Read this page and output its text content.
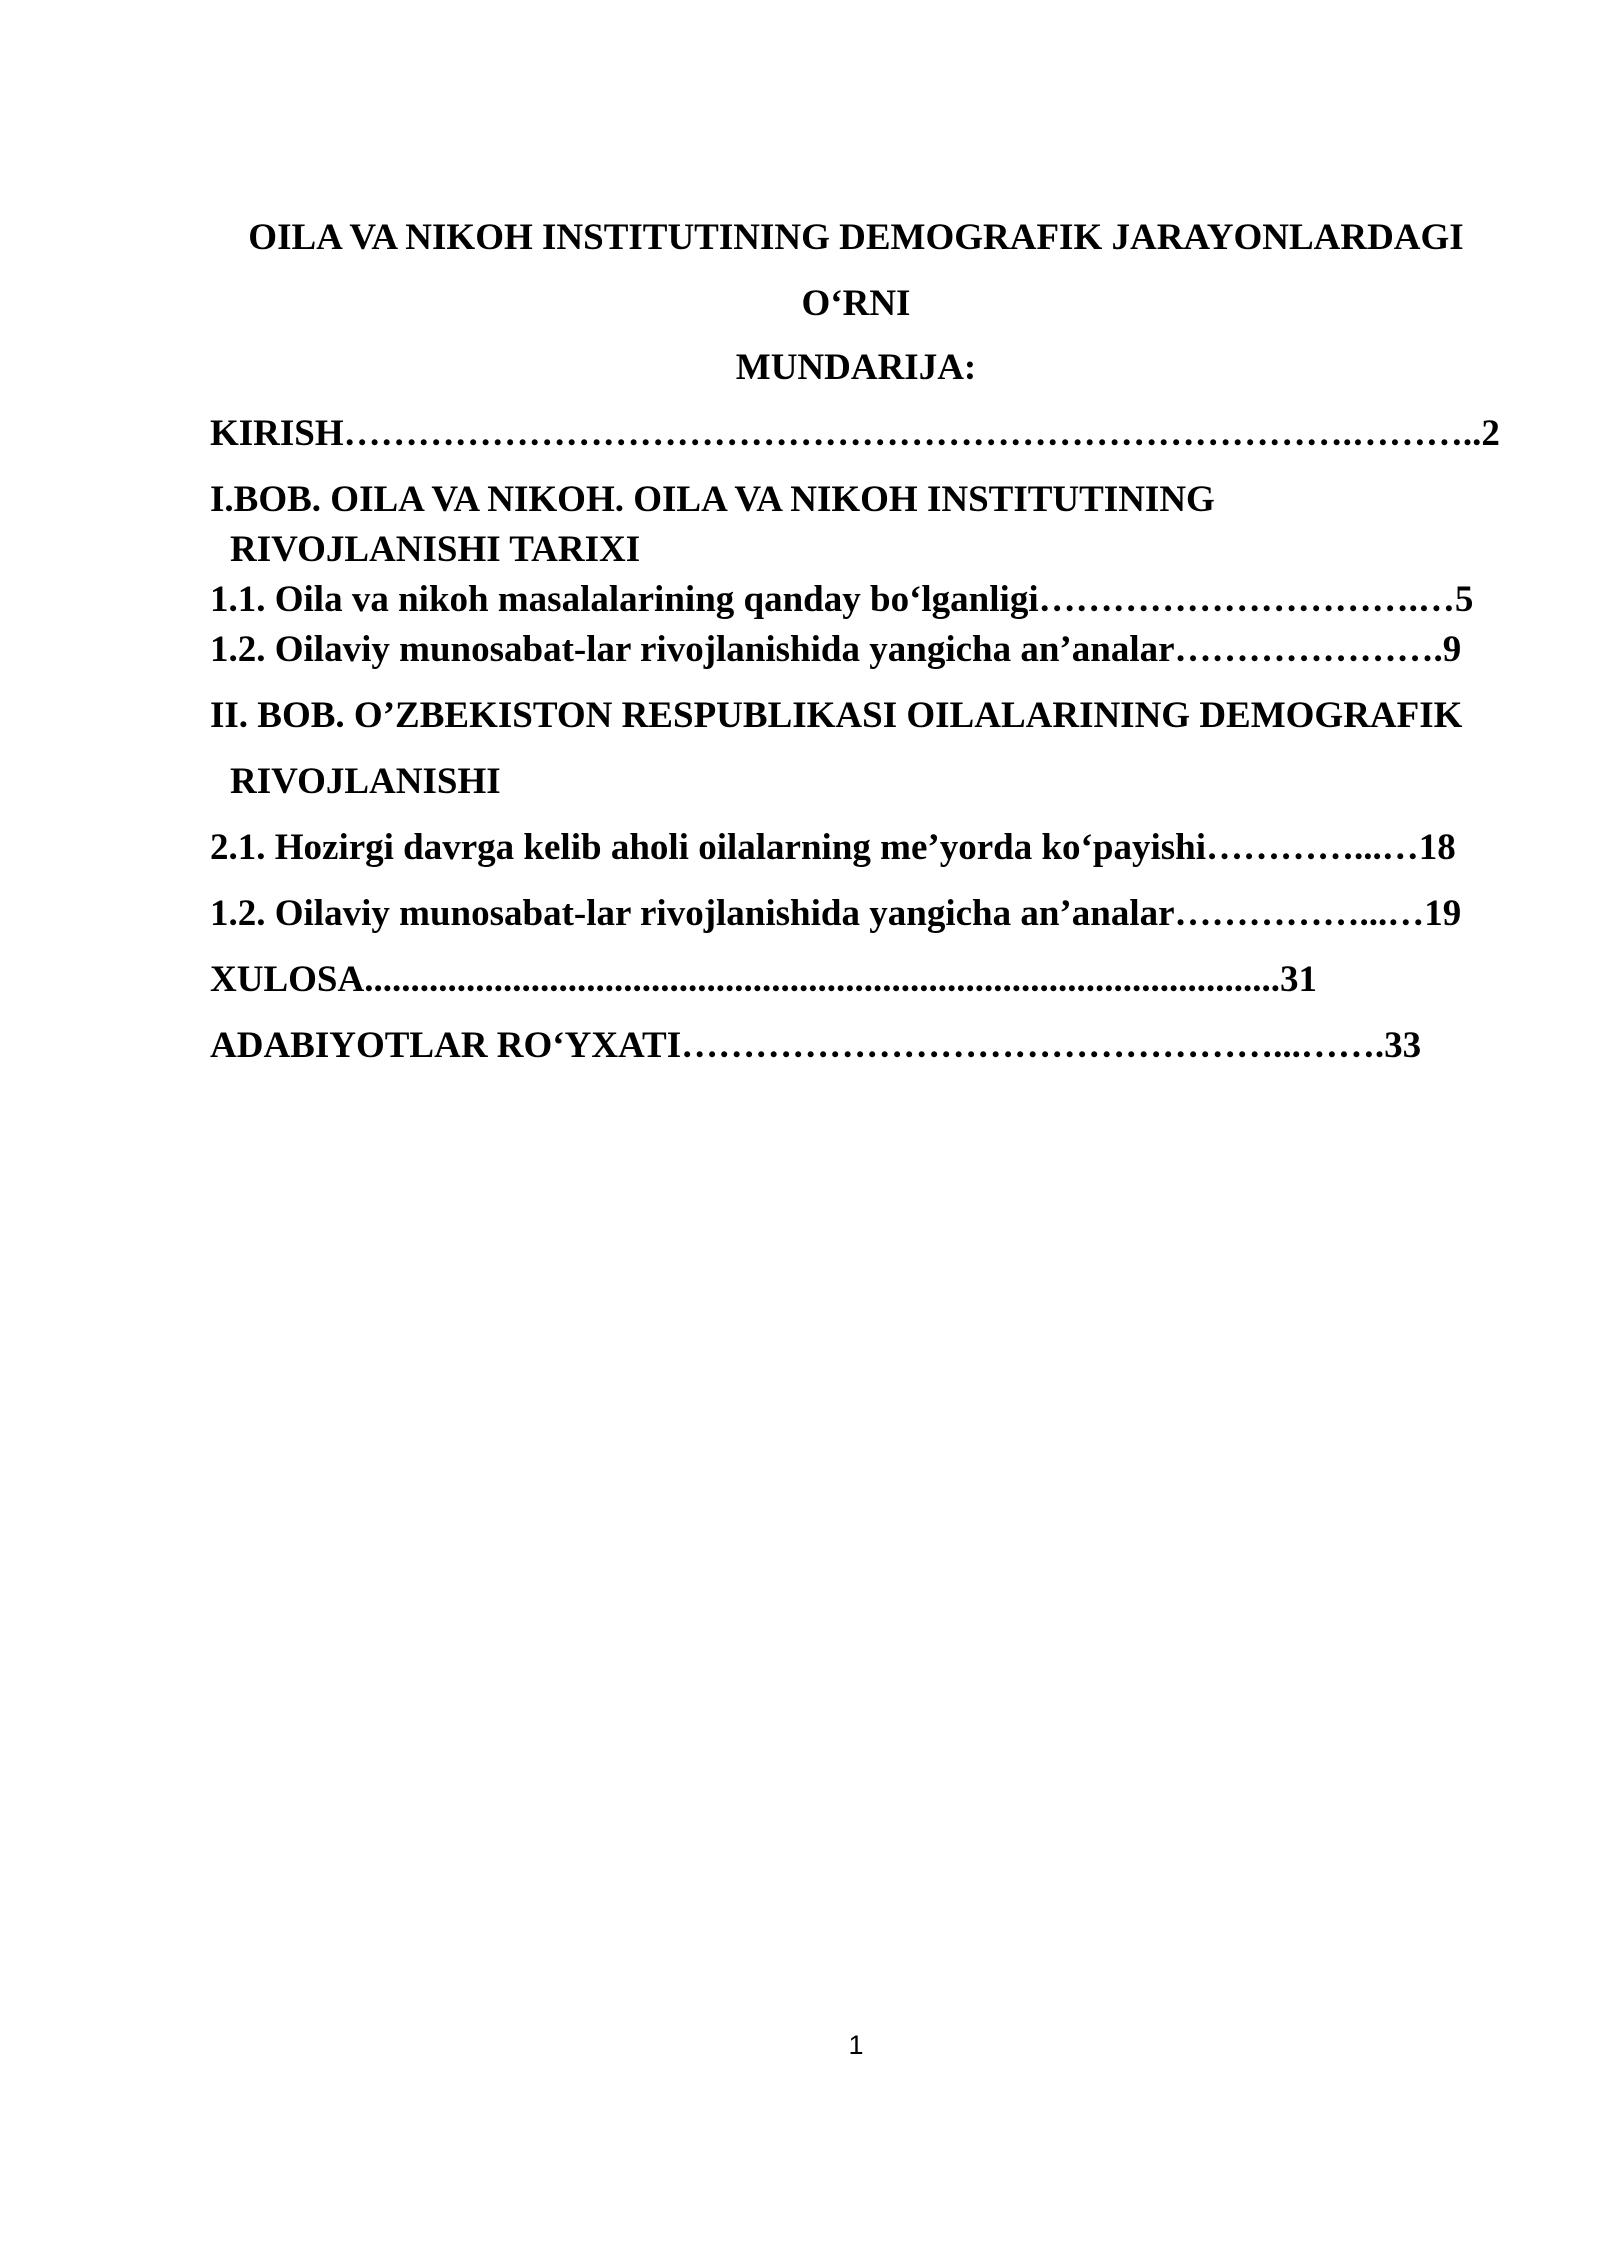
OILA VA NIKOH INSTITUTINING DEMOGRAFIK JARAYONLARDAGI
O‘RNI
MUNDARIJA:
KIRISH……………………………………………………………………….………..2
I.BOB. OILA VA NIKOH. OILA VA NIKOH INSTITUTINING
RIVOJLANISHI TARIXI
1.1. Oila va nikoh masalalarining qanday bo‘lganligi………………………….…5
1.2. Oilaviy munosabat-lar rivojlanishida yangicha an’analar………………….9
II. BOB. O’ZBEKISTON RESPUBLIKASI OILALARINING DEMOGRAFIK
RIVOJLANISHI
2.1. Hozirgi davrga kelib aholi oilalarning me’yorda ko‘payishi…………...…18
1.2. Oilaviy munosabat-lar rivojlanishida yangicha an’analar……………...…19
XULOSA...................................................................................................31
ADABIYOTLAR RO‘YXATI…………………………………………...…….33
1
